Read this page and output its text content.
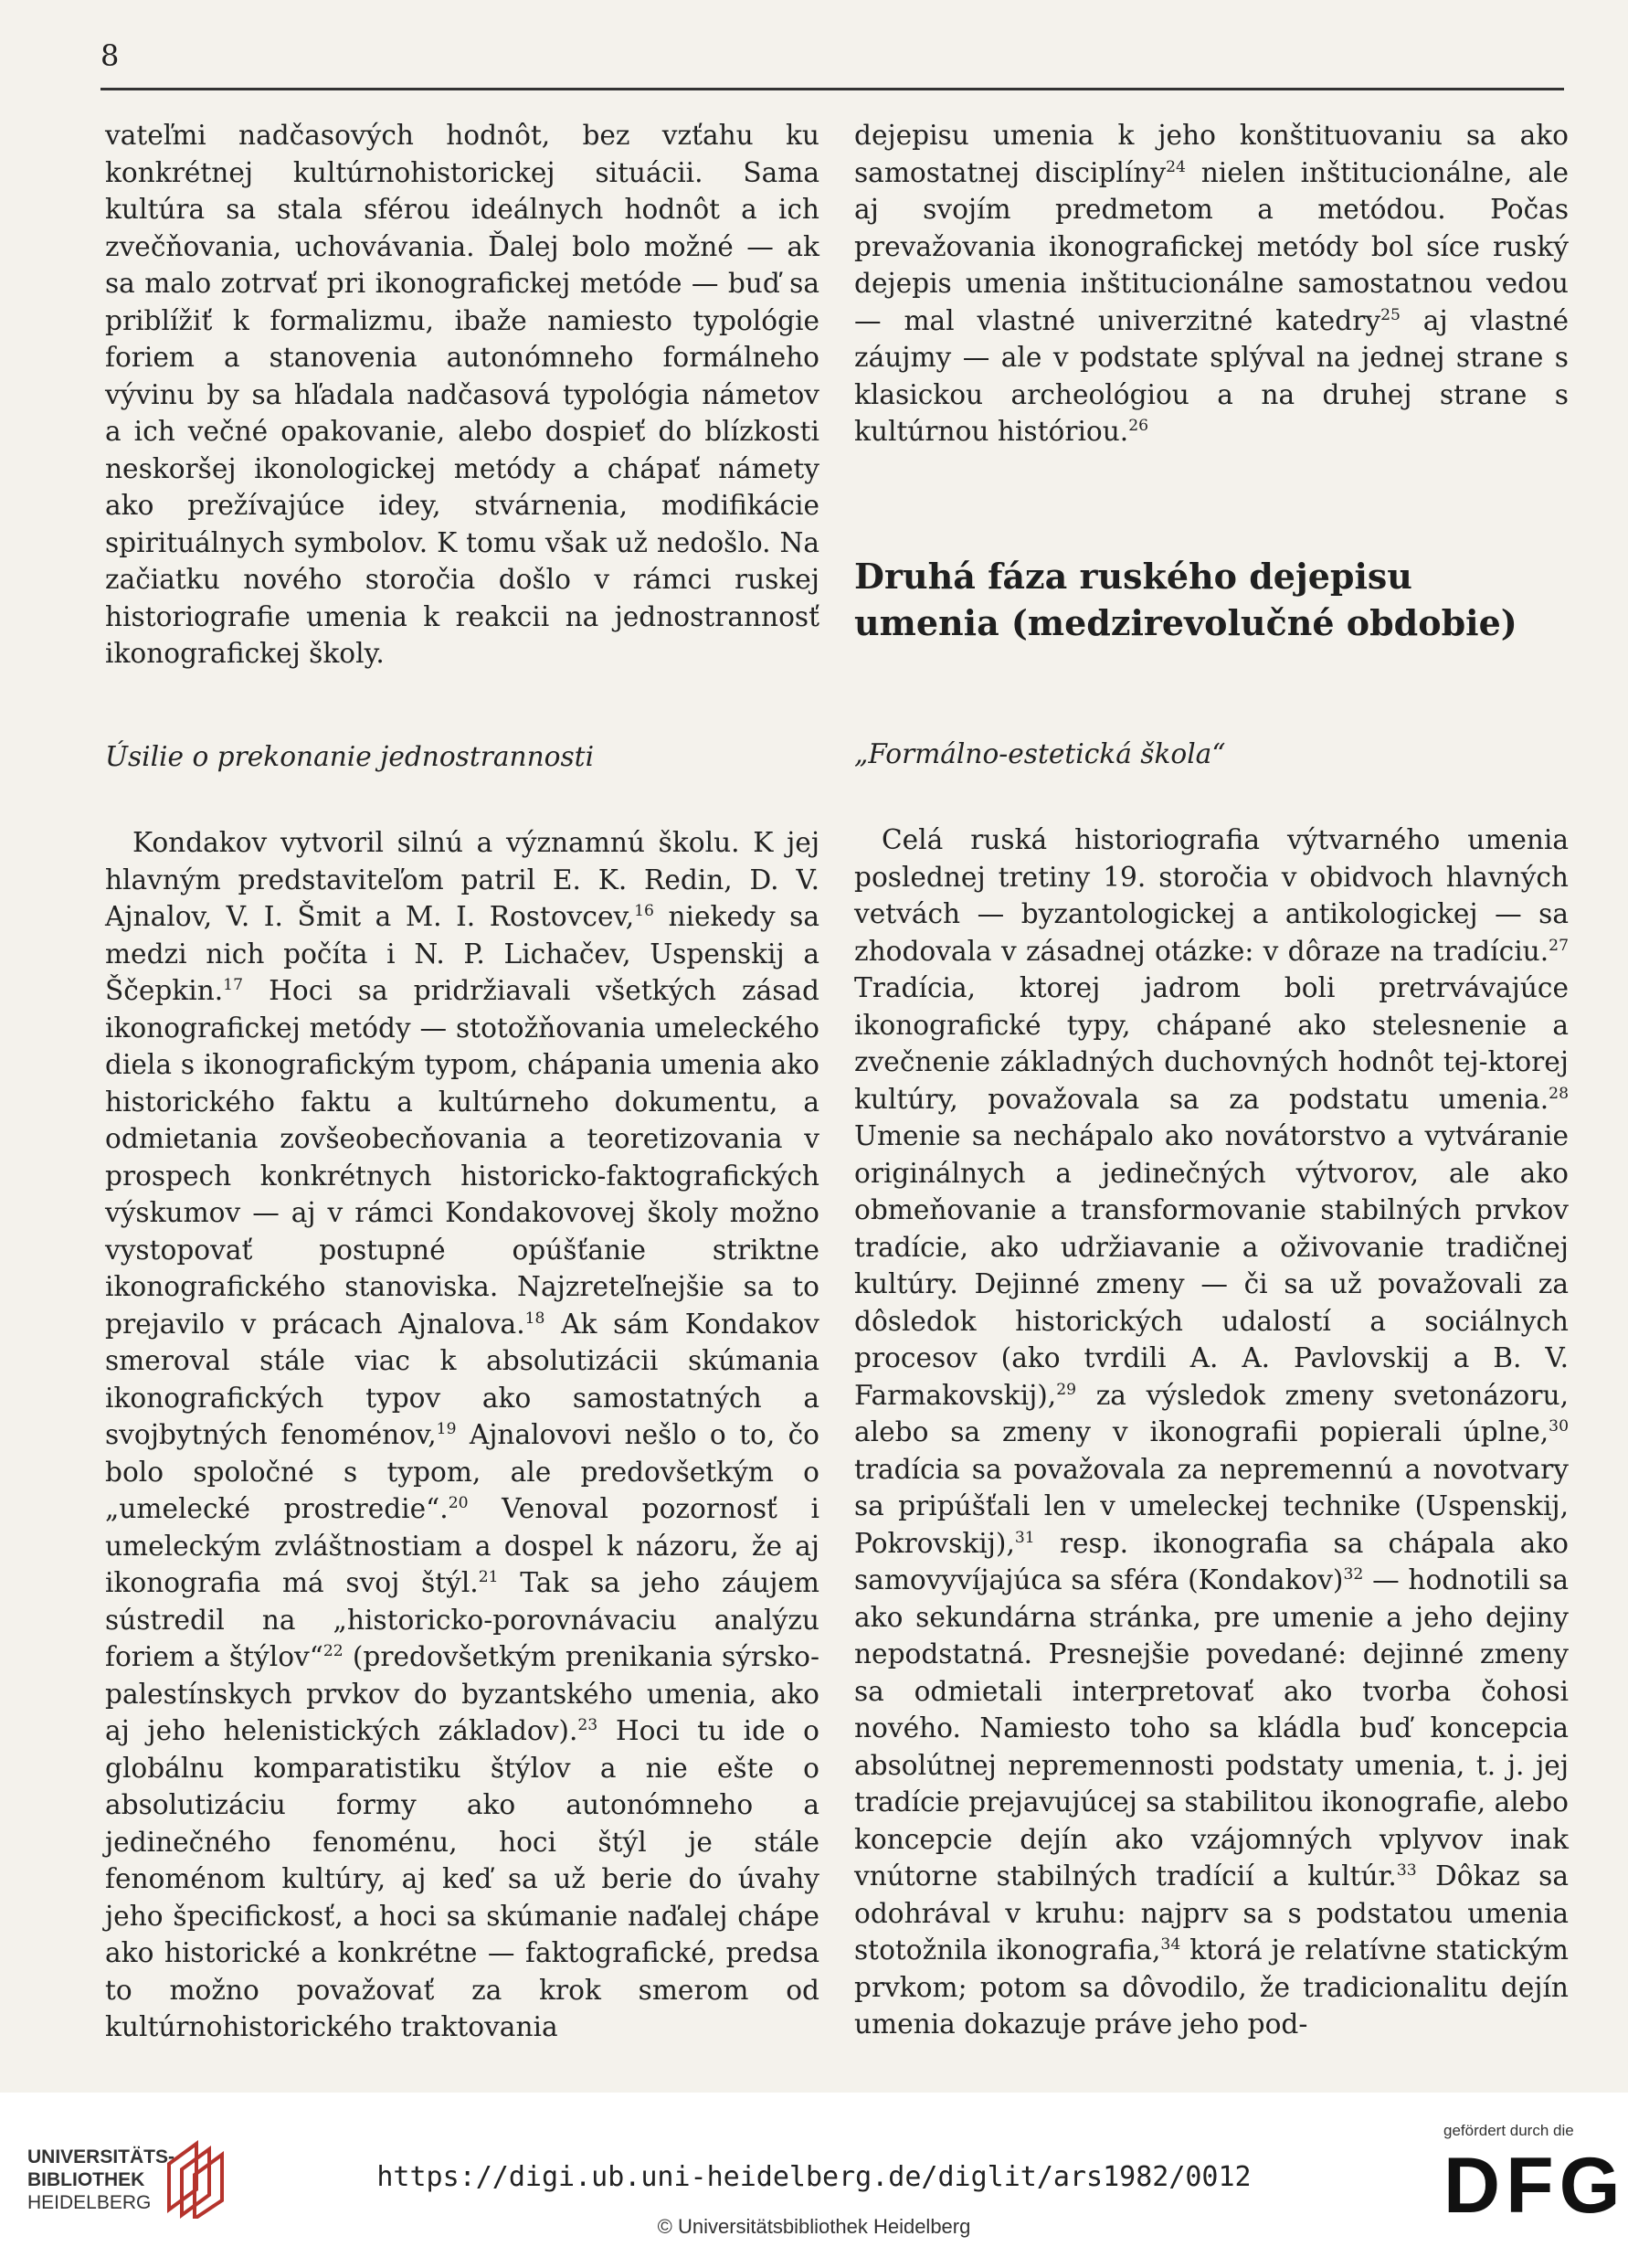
8

vateľmi nadčasových hodnôt, bez vzťahu ku konkrétnej kultúrnohistorickej situácii. Sama kultúra sa stala sférou ideálnych hodnôt a ich zvečňovania, uchovávania. Ďalej bolo možné — ak sa malo zotrvať pri ikonografickej metóde — buď sa priblížiť k formalizmu, ibaže namiesto typológie foriem a stanovenia autonómneho formálneho vývinu by sa hľadala nadčasová typológia námetov a ich večné opakovanie, alebo dospieť do blízkosti neskoršej ikonologickej metódy a chápať námety ako prežívajúce idey, stvárnenia, modifikácie spirituálnych symbolov. K tomu však už nedošlo. Na začiatku nového storočia došlo v rámci ruskej historiografie umenia k reakcii na jednostrannosť ikonografickej školy.

Úsilie o prekonanie jednostrannosti

Kondakov vytvoril silnú a významnú školu. K jej hlavným predstaviteľom patril E. K. Redin, D. V. Ajnalov, V. I. Šmit a M. I. Rostovcev,$^{16}$ niekedy sa medzi nich počíta i N. P. Lichačev, Uspenskij a Ščepkin.$^{17}$ Hoci sa pridržiavali všetkých zásad ikonografickej metódy — stotožňovania umeleckého diela s ikonografickým typom, chápania umenia ako historického faktu a kultúrneho dokumentu, a odmietania zovšeobecňovania a teoretizovania v prospech konkrétnych historicko-faktografických výskumov — aj v rámci Kondakovovej školy možno vystopovať postupné opúšťanie striktne ikonografického stanoviska. Najzreteľnejšie sa to prejavilo v prácach Ajnalova.$^{18}$ Ak sám Kondakov smeroval stále viac k absolutizácii skúmania ikonografických typov ako samostatných a svojbytných fenoménov,$^{19}$ Ajnalovovi nešlo o to, čo bolo spoločné s typom, ale predovšetkým o „umelecké prostredie“.$^{20}$ Venoval pozornosť i umeleckým zvláštnostiam a dospel k názoru, že aj ikonografia má svoj štýl.$^{21}$ Tak sa jeho záujem sústredil na „historicko-porovnávaciu analýzu foriem a štýlov“$^{22}$ (predovšetkým prenikania sýrsko-palestínskych prvkov do byzantského umenia, ako aj jeho helenistických základov).$^{23}$ Hoci tu ide o globálnu komparatistiku štýlov a nie ešte o absolutizáciu formy ako autonómneho a jedinečného fenoménu, hoci štýl je stále fenoménom kultúry, aj keď sa už berie do úvahy jeho špecifickosť, a hoci sa skúmanie naďalej chápe ako historické a konkrétne — faktografické, predsa to možno považovať za krok smerom od kultúrnohistorického traktovania

dejepisu umenia k jeho konštituovaniu sa ako samostatnej disciplíny$^{24}$ nielen inštitucionálne, ale aj svojím predmetom a metódou. Počas prevažovania ikonografickej metódy bol síce ruský dejepis umenia inštitucionálne samostatnou vedou — mal vlastné univerzitné katedry$^{25}$ aj vlastné záujmy — ale v podstate splýval na jednej strane s klasickou archeológiou a na druhej strane s kultúrnou históriou.$^{26}$

Druhá fáza ruského dejepisu umenia (medzirevolučné obdobie)

„Formálno-estetická škola“

Celá ruská historiografia výtvarného umenia poslednej tretiny 19. storočia v obidvoch hlavných vetvách — byzantologickej a antikologickej — sa zhodovala v zásadnej otázke: v dôraze na tradíciu.$^{27}$ Tradícia, ktorej jadrom boli pretrvávajúce ikonografické typy, chápané ako stelesnenie a zvečnenie základných duchovných hodnôt tej-ktorej kultúry, považovala sa za podstatu umenia.$^{28}$ Umenie sa nechápalo ako novátorstvo a vytváranie originálnych a jedinečných výtvorov, ale ako obmeňovanie a transformovanie stabilných prvkov tradície, ako udržiavanie a oživovanie tradičnej kultúry. Dejinné zmeny — či sa už považovali za dôsledok historických udalostí a sociálnych procesov (ako tvrdili A. A. Pavlovskij a B. V. Farmakovskij),$^{29}$ za výsledok zmeny svetonázoru, alebo sa zmeny v ikonografii popierali úplne,$^{30}$ tradícia sa považovala za nepremennú a novotvary sa pripúšťali len v umeleckej technike (Uspenskij, Pokrovskij),$^{31}$ resp. ikonografia sa chápala ako samovyvíjajúca sa sféra (Kondakov)$^{32}$ — hodnotili sa ako sekundárna stránka, pre umenie a jeho dejiny nepodstatná. Presnejšie povedané: dejinné zmeny sa odmietali interpretovať ako tvorba čohosi nového. Namiesto toho sa kládla buď koncepcia absolútnej nepremennosti podstaty umenia, t. j. jej tradície prejavujúcej sa stabilitou ikonografie, alebo koncepcie dejín ako vzájomných vplyvov inak vnútorne stabilných tradícií a kultúr.$^{33}$ Dôkaz sa odohrával v kruhu: najprv sa s podstatou umenia stotožnila ikonografia,$^{34}$ ktorá je relatívne statickým prvkom; potom sa dôvodilo, že tradicionalitu dejín umenia dokazuje práve jeho pod-

UNIVERSITÄTS-
BIBLIOTHEK
HEIDELBERG
https://digi.ub.uni-heidelberg.de/diglit/ars1982/0012
© Universitätsbibliothek Heidelberg
gefördert durch die
DFG
